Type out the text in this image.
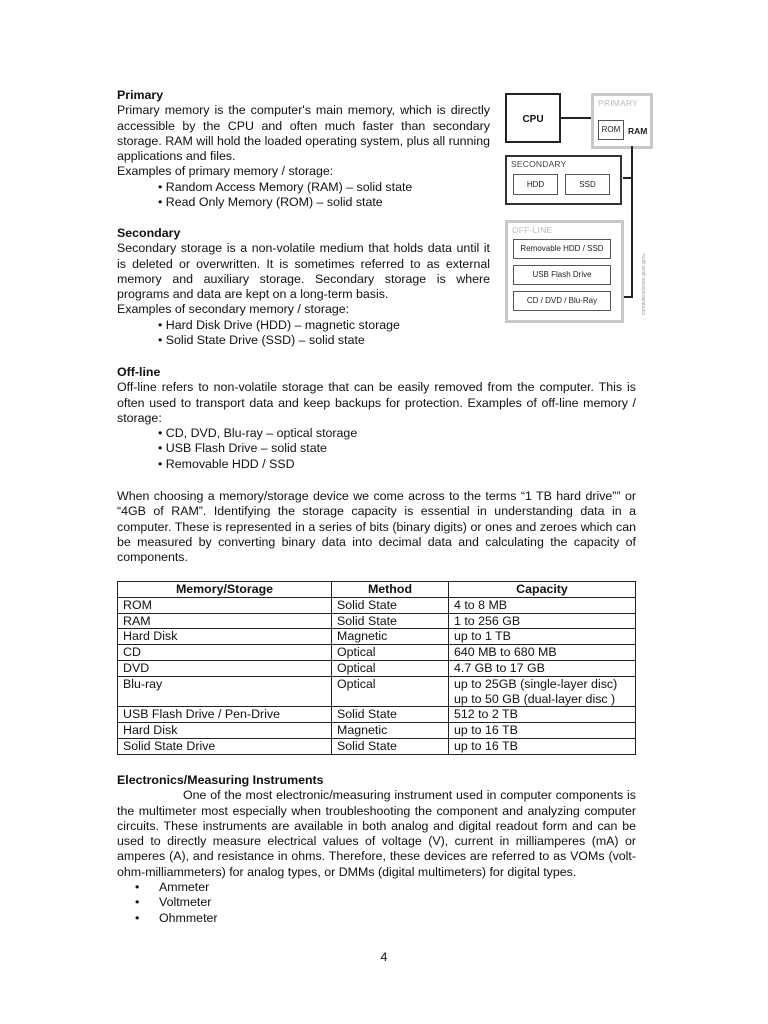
Primary
Primary memory is the computer's main memory, which is directly accessible by the CPU and often much faster than secondary storage. RAM will hold the loaded operating system, plus all running applications and files.
Examples of primary memory / storage:
• Random Access Memory (RAM) – solid state
• Read Only Memory (ROM) – solid state
Secondary
Secondary storage is a non-volatile medium that holds data until it is deleted or overwritten. It is sometimes referred to as external memory and auxiliary storage. Secondary storage is where programs and data are kept on a long-term basis.
Examples of secondary memory / storage:
• Hard Disk Drive (HDD) – magnetic storage
• Solid State Drive (SSD) – solid state
Off-line
Off-line refers to non-volatile storage that can be easily removed from the computer. This is often used to transport data and keep backups for protection. Examples of off-line memory / storage:
• CD, DVD, Blu-ray – optical storage
• USB Flash Drive – solid state
• Removable HDD / SSD
When choosing a memory/storage device we come across to the terms “1 TB hard drive”” or “4GB of RAM”. Identifying the storage capacity is essential in understanding data in a computer. These is represented in a series of bits (binary digits) or ones and zeroes which can be measured by converting binary data into decimal data and calculating the capacity of components.
CPU
PRIMARY
ROM RAM
SECONDARY
HDD	SSD
OFF-LINE
Removable HDD / SSD
USB Flash Drive
CD / DVD / Blu-Ray	computerscience.gcse.guru
Memory/Storage	Method	Capacity
ROM	Solid State	4 to 8 MB
RAM	Solid State	1 to 256 GB
Hard Disk	Magnetic	up to 1 TB
CD	Optical	640 MB to 680 MB
DVD	Optical	4.7 GB to 17 GB
Blu-ray	Optical	up to 25GB (single-layer disc)
up to 50 GB (dual-layer disc )

USB Flash Drive / Pen-Drive	Solid State	512 to 2 TB
Hard Disk	Magnetic	up to 16 TB
Solid State Drive	Solid State	up to 16 TB
Electronics/Measuring Instruments
One of the most electronic/measuring instrument used in computer components is the multimeter most especially when troubleshooting the component and analyzing computer circuits. These instruments are available in both analog and digital readout form and can be used to directly measure electrical values of voltage (V), current in milliamperes (mA) or amperes (A), and resistance in ohms. Therefore, these devices are referred to as VOMs (volt-ohm-milliammeters) for analog types, or DMMs (digital multimeters) for digital types.
• Ammeter
• Voltmeter
• Ohmmeter
4
